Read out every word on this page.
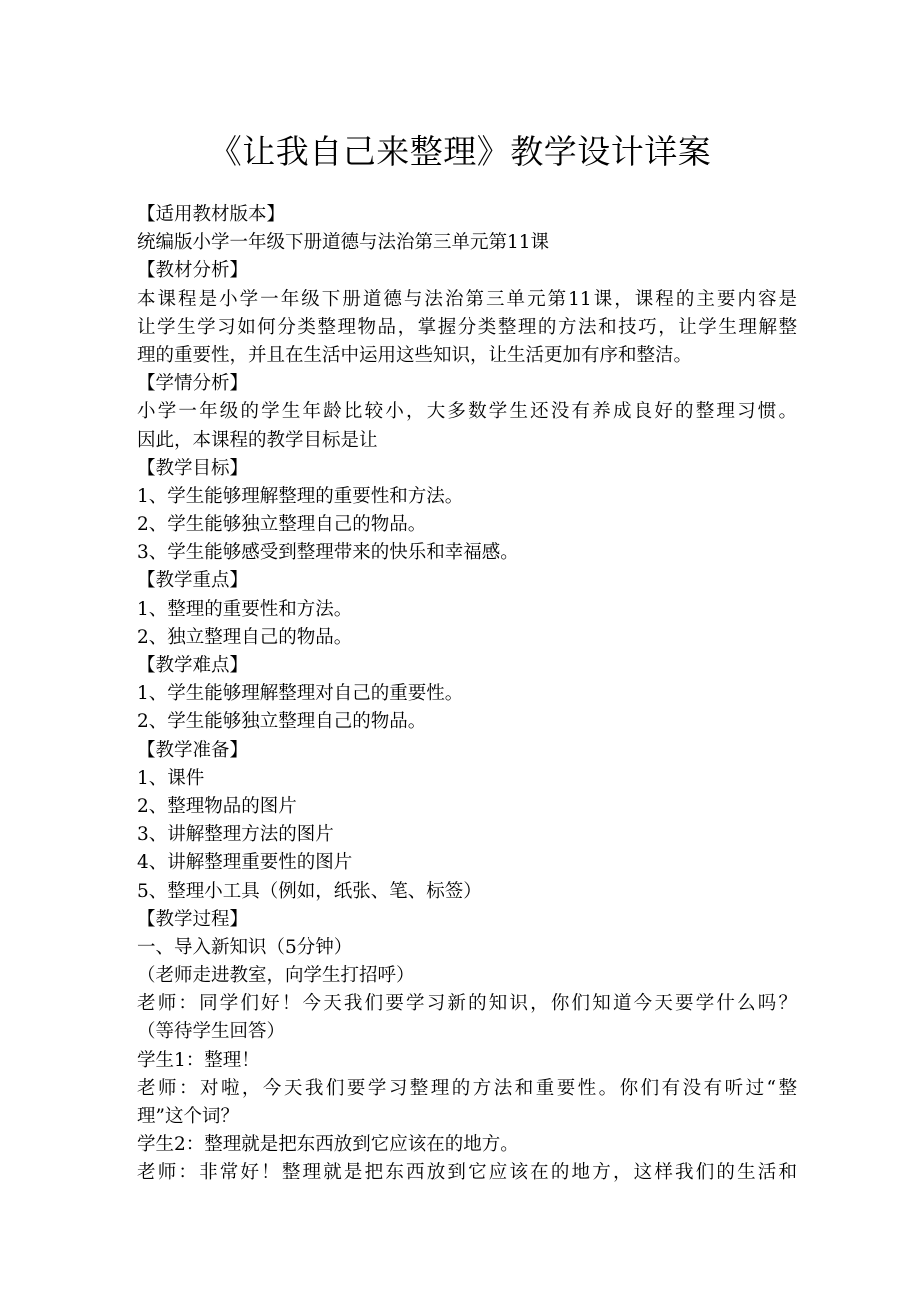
《让我自己来整理》教学设计详案
【适用教材版本】
统编版小学一年级下册道德与法治第三单元第11课
【教材分析】
本课程是小学一年级下册道德与法治第三单元第11课，课程的主要内容是
让学生学习如何分类整理物品，掌握分类整理的方法和技巧，让学生理解整
理的重要性，并且在生活中运用这些知识，让生活更加有序和整洁。
【学情分析】
小学一年级的学生年龄比较小，大多数学生还没有养成良好的整理习惯。
因此，本课程的教学目标是让
【教学目标】
1、学生能够理解整理的重要性和方法。
2、学生能够独立整理自己的物品。
3、学生能够感受到整理带来的快乐和幸福感。
【教学重点】
1、整理的重要性和方法。
2、独立整理自己的物品。
【教学难点】
1、学生能够理解整理对自己的重要性。
2、学生能够独立整理自己的物品。
【教学准备】
1、课件
2、整理物品的图片
3、讲解整理方法的图片
4、讲解整理重要性的图片
5、整理小工具（例如，纸张、笔、标签）
【教学过程】
一、导入新知识（5分钟）
（老师走进教室，向学生打招呼）
老师：同学们好！今天我们要学习新的知识，你们知道今天要学什么吗？
（等待学生回答）
学生1：整理！
老师：对啦，今天我们要学习整理的方法和重要性。你们有没有听过“整
理”这个词？
学生2：整理就是把东西放到它应该在的地方。
老师：非常好！整理就是把东西放到它应该在的地方，这样我们的生活和
